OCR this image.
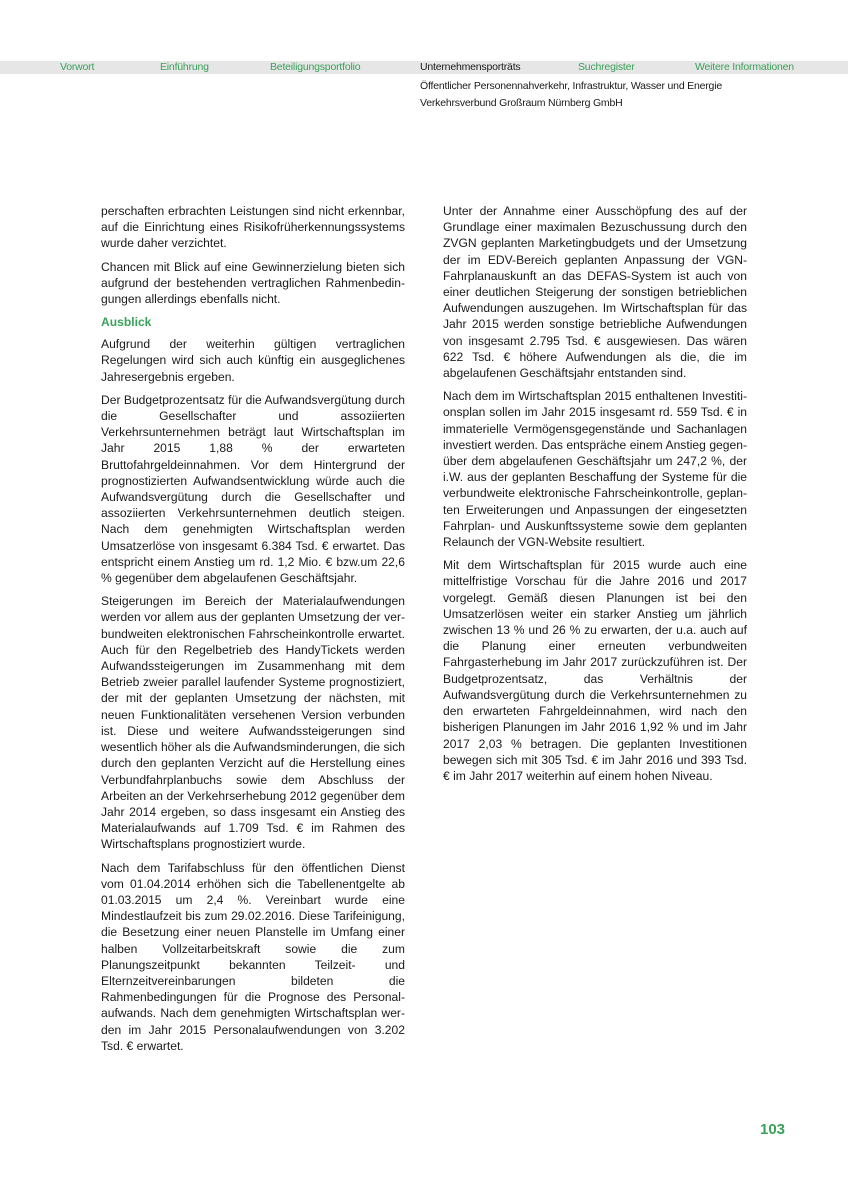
Vorwort	Einführung	Beteiligungsportfolio	Unternehmensporträts	Suchregister	Weitere Informationen
Öffentlicher Personennahverkehr, Infrastruktur, Wasser und Energie
Verkehrsverbund Großraum Nürnberg GmbH

perschaften erbrachten Leistungen sind nicht erkennbar, auf die Einrichtung eines Risikofrüherkennungssystems wurde daher verzichtet.

Chancen mit Blick auf eine Gewinnerzielung bieten sich aufgrund der bestehenden vertraglichen Rahmenbedingungen allerdings ebenfalls nicht.

Ausblick

Aufgrund der weiterhin gültigen vertraglichen Regelungen wird sich auch künftig ein ausgeglichenes Jahresergebnis ergeben.

Der Budgetprozentsatz für die Aufwandsvergütung durch die Gesellschafter und assoziierten Verkehrsunternehmen beträgt laut Wirtschaftsplan im Jahr 2015 1,88 % der erwarteten Bruttofahrgeldeinnahmen. Vor dem Hintergrund der prognostizierten Aufwandsentwicklung würde auch die Aufwandsvergütung durch die Gesellschafter und assoziierten Verkehrsunternehmen deutlich steigen. Nach dem genehmigten Wirtschaftsplan werden Umsatzerlöse von insgesamt 6.384 Tsd. € erwartet. Das entspricht einem Anstieg um rd. 1,2 Mio. € bzw.um 22,6 % gegenüber dem abgelaufenen Geschäftsjahr.

Steigerungen im Bereich der Materialaufwendungen werden vor allem aus der geplanten Umsetzung der verbundweiten elektronischen Fahrscheinkontrolle erwartet. Auch für den Regelbetrieb des HandyTickets werden Aufwandssteigerungen im Zusammenhang mit dem Betrieb zweier parallel laufender Systeme prognostiziert, der mit der geplanten Umsetzung der nächsten, mit neuen Funktionalitäten versehenen Version verbunden ist. Diese und weitere Aufwandssteigerungen sind wesentlich höher als die Aufwandsminderungen, die sich durch den geplanten Verzicht auf die Herstellung eines Verbundfahrplanbuchs sowie dem Abschluss der Arbeiten an der Verkehrserhebung 2012 gegenüber dem Jahr 2014 ergeben, so dass insgesamt ein Anstieg des Materialaufwands auf 1.709 Tsd. € im Rahmen des Wirtschaftsplans prognostiziert wurde.

Nach dem Tarifabschluss für den öffentlichen Dienst vom 01.04.2014 erhöhen sich die Tabellenentgelte ab 01.03.2015 um 2,4 %. Vereinbart wurde eine Mindestlaufzeit bis zum 29.02.2016. Diese Tarifeinigung, die Besetzung einer neuen Planstelle im Umfang einer halben Vollzeitarbeitskraft sowie die zum Planungszeitpunkt bekannten Teilzeit- und Elternzeitvereinbarungen bildeten die Rahmenbedingungen für die Prognose des Personalaufwands. Nach dem genehmigten Wirtschaftsplan werden im Jahr 2015 Personalaufwendungen von 3.202 Tsd. € erwartet.

Unter der Annahme einer Ausschöpfung des auf der Grundlage einer maximalen Bezuschussung durch den ZVGN geplanten Marketingbudgets und der Umsetzung der im EDV-Bereich geplanten Anpassung der VGN-Fahrplanauskunft an das DEFAS-System ist auch von einer deutlichen Steigerung der sonstigen betrieblichen Aufwendungen auszugehen. Im Wirtschaftsplan für das Jahr 2015 werden sonstige betriebliche Aufwendungen von insgesamt 2.795 Tsd. € ausgewiesen. Das wären 622 Tsd. € höhere Aufwendungen als die, die im abgelaufenen Geschäftsjahr entstanden sind.

Nach dem im Wirtschaftsplan 2015 enthaltenen Investitionsplan sollen im Jahr 2015 insgesamt rd. 559 Tsd. € in immaterielle Vermögensgegenstände und Sachanlagen investiert werden. Das entspräche einem Anstieg gegenüber dem abgelaufenen Geschäftsjahr um 247,2 %, der i.W. aus der geplanten Beschaffung der Systeme für die verbundweite elektronische Fahrscheinkontrolle, geplanten Erweiterungen und Anpassungen der eingesetzten Fahrplan- und Auskunftssysteme sowie dem geplanten Relaunch der VGN-Website resultiert.

Mit dem Wirtschaftsplan für 2015 wurde auch eine mittelfristige Vorschau für die Jahre 2016 und 2017 vorgelegt. Gemäß diesen Planungen ist bei den Umsatzerlösen weiter ein starker Anstieg um jährlich zwischen 13 % und 26 % zu erwarten, der u.a. auch auf die Planung einer erneuten verbundweiten Fahrgasterhebung im Jahr 2017 zurückzuführen ist. Der Budgetprozentsatz, das Verhältnis der Aufwandsvergütung durch die Verkehrsunternehmen zu den erwarteten Fahrgeldeinnahmen, wird nach den bisherigen Planungen im Jahr 2016 1,92 % und im Jahr 2017 2,03 % betragen. Die geplanten Investitionen bewegen sich mit 305 Tsd. € im Jahr 2016 und 393 Tsd. € im Jahr 2017 weiterhin auf einem hohen Niveau.

103
